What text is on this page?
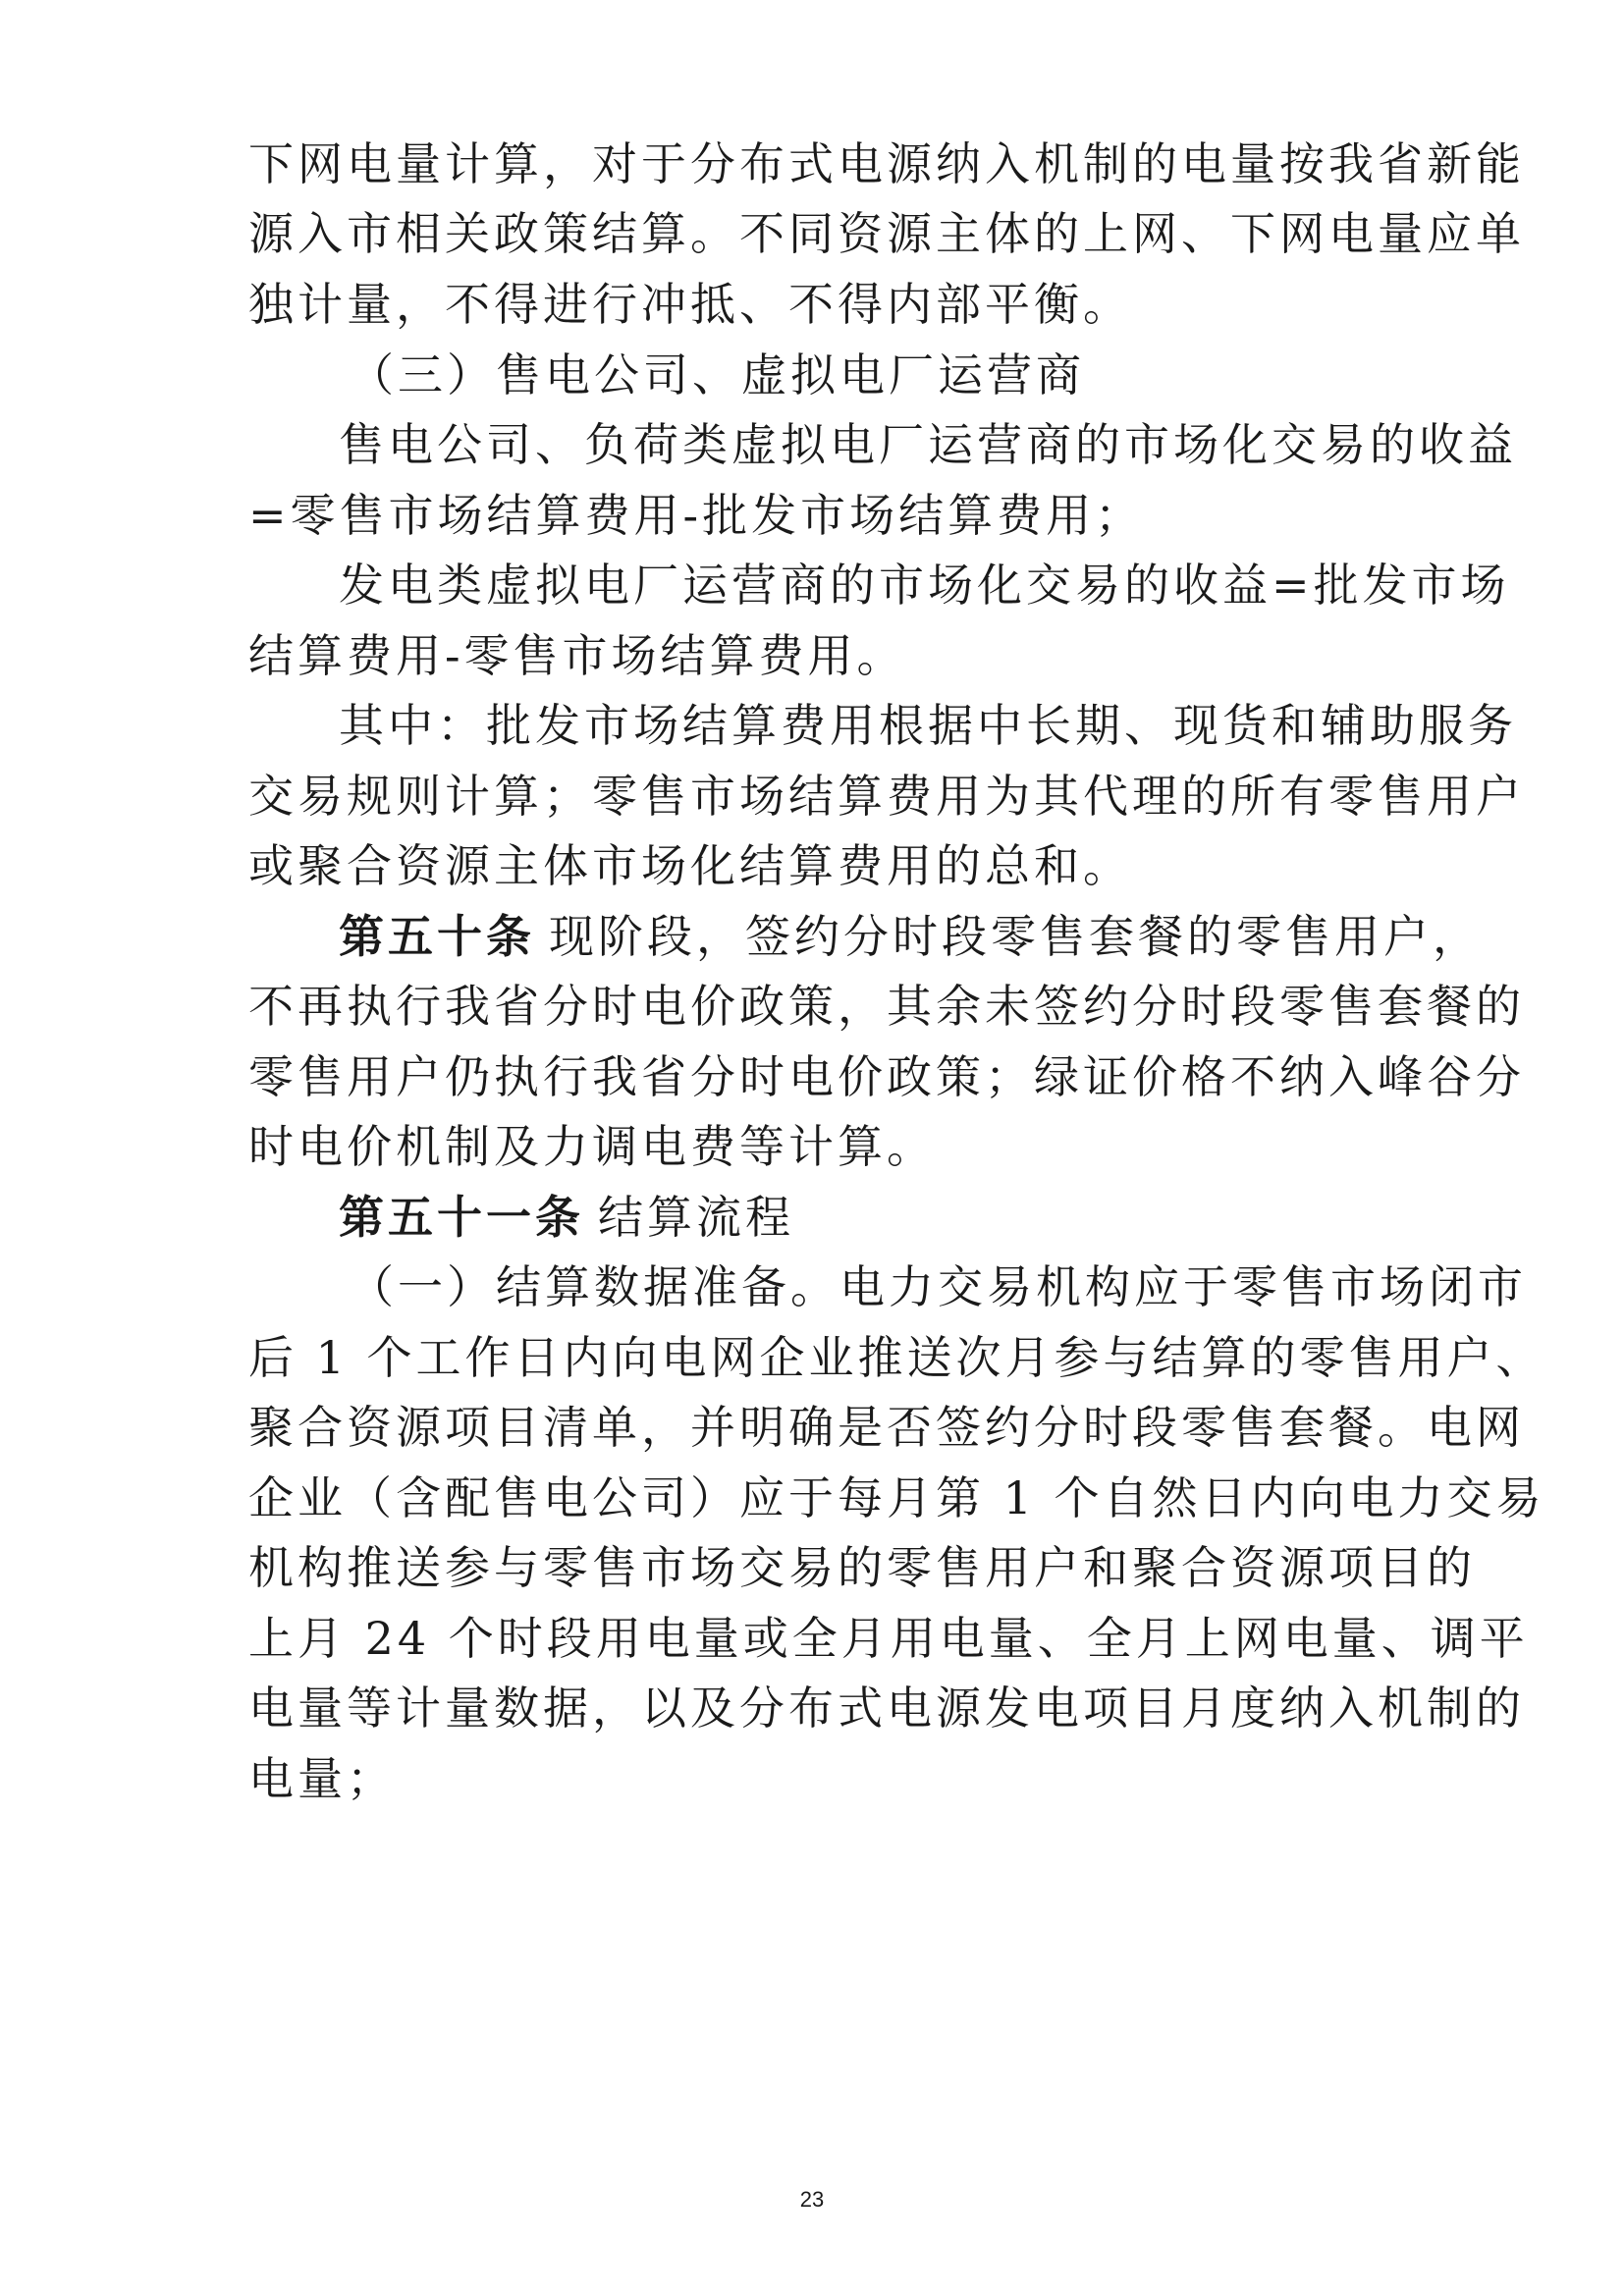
下网电量计算，对于分布式电源纳入机制的电量按我省新能
源入市相关政策结算。不同资源主体的上网、下网电量应单
独计量，不得进行冲抵、不得内部平衡。
（三）售电公司、虚拟电厂运营商
售电公司、负荷类虚拟电厂运营商的市场化交易的收益
=零售市场结算费用-批发市场结算费用；
发电类虚拟电厂运营商的市场化交易的收益=批发市场
结算费用-零售市场结算费用。
其中：批发市场结算费用根据中长期、现货和辅助服务
交易规则计算；零售市场结算费用为其代理的所有零售用户
或聚合资源主体市场化结算费用的总和。
第五十条 现阶段，签约分时段零售套餐的零售用户，
不再执行我省分时电价政策，其余未签约分时段零售套餐的
零售用户仍执行我省分时电价政策；绿证价格不纳入峰谷分
时电价机制及力调电费等计算。
第五十一条 结算流程
（一）结算数据准备。电力交易机构应于零售市场闭市
后 1 个工作日内向电网企业推送次月参与结算的零售用户、
聚合资源项目清单，并明确是否签约分时段零售套餐。电网
企业（含配售电公司）应于每月第 1 个自然日内向电力交易
机构推送参与零售市场交易的零售用户和聚合资源项目的
上月 24 个时段用电量或全月用电量、全月上网电量、调平
电量等计量数据，以及分布式电源发电项目月度纳入机制的
电量；
23
